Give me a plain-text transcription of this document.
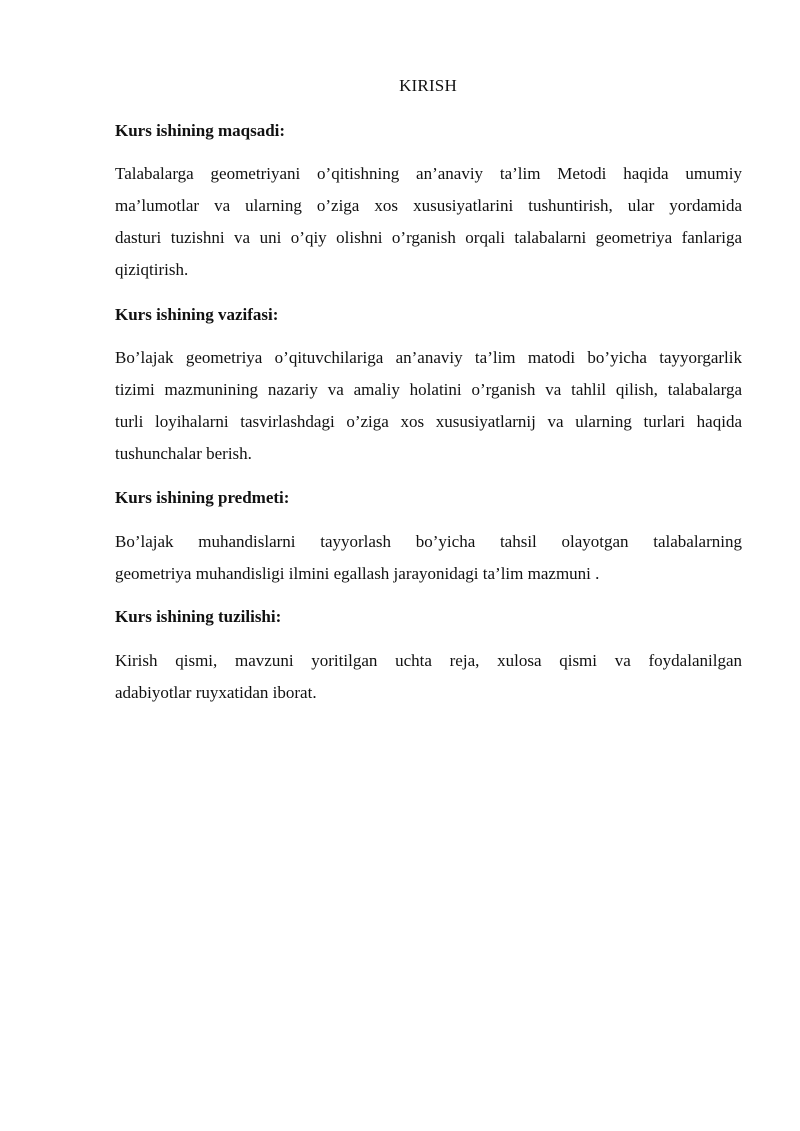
KIRISH
Kurs ishining maqsadi:
Talabalarga geometriyani o’qitishning an’anaviy ta’lim Metodi haqida umumiy
ma’lumotlar va ularning o’ziga xos xususiyatlarini tushuntirish, ular yordamida
dasturi tuzishni va uni o’qiy olishni o’rganish orqali talabalarni geometriya fanlariga
qiziqtirish.
Kurs ishining vazifasi:
Bo’lajak geometriya o’qituvchilariga an’anaviy ta’lim matodi bo’yicha tayyorgarlik
tizimi mazmunining nazariy va amaliy holatini o’rganish va tahlil qilish, talabalarga
turli loyihalarni tasvirlashdagi o’ziga xos xususiyatlarnij va ularning turlari haqida
tushunchalar berish.
Kurs ishining predmeti:
Bo’lajak muhandislarni tayyorlash bo’yicha tahsil olayotgan talabalarning
geometriya muhandisligi ilmini egallash jarayonidagi ta’lim mazmuni .
Kurs ishining tuzilishi:
Kirish qismi, mavzuni yoritilgan uchta reja, xulosa qismi va foydalanilgan
adabiyotlar ruyxatidan iborat.
